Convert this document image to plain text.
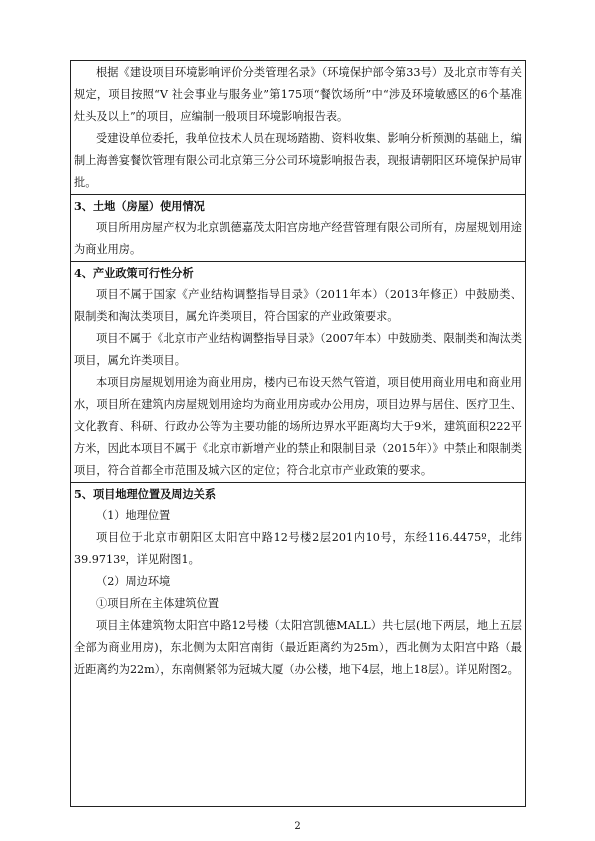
根据《建设项目环境影响评价分类管理名录》（环境保护部令第33号）及北京市等有关规定，项目按照“V 社会事业与服务业”第175项“餐饮场所”中“涉及环境敏感区的6个基准灶头及以上”的项目，应编制一般项目环境影响报告表。

受建设单位委托，我单位技术人员在现场踏勘、资料收集、影响分析预测的基础上，编制上海善宴餐饮管理有限公司北京第三分公司环境影响报告表，现报请朝阳区环境保护局审批。

3、土地（房屋）使用情况

项目所用房屋产权为北京凯德嘉茂太阳宫房地产经营管理有限公司所有，房屋规划用途为商业用房。

4、产业政策可行性分析

项目不属于国家《产业结构调整指导目录》（2011年本）（2013年修正）中鼓励类、限制类和淘汰类项目，属允许类项目，符合国家的产业政策要求。

项目不属于《北京市产业结构调整指导目录》（2007年本）中鼓励类、限制类和淘汰类项目，属允许类项目。

本项目房屋规划用途为商业用房，楼内已布设天然气管道，项目使用商业用电和商业用水，项目所在建筑内房屋规划用途均为商业用房或办公用房，项目边界与居住、医疗卫生、文化教育、科研、行政办公等为主要功能的场所边界水平距离均大于9米，建筑面积222平方米，因此本项目不属于《北京市新增产业的禁止和限制目录（2015年）》中禁止和限制类项目，符合首都全市范围及城六区的定位；符合北京市产业政策的要求。

5、项目地理位置及周边关系

（1）地理位置

项目位于北京市朝阳区太阳宫中路12号楼2层201内10号，东经116.4475º，北纬39.9713º，详见附图1。

（2）周边环境

①项目所在主体建筑位置

项目主体建筑物太阳宫中路12号楼（太阳宫凯德MALL）共七层(地下两层，地上五层全部为商业用房)，东北侧为太阳宫南街（最近距离约为25m），西北侧为太阳宫中路（最近距离约为22m），东南侧紧邻为冠城大厦（办公楼，地下4层，地上18层）。详见附图2。

2
